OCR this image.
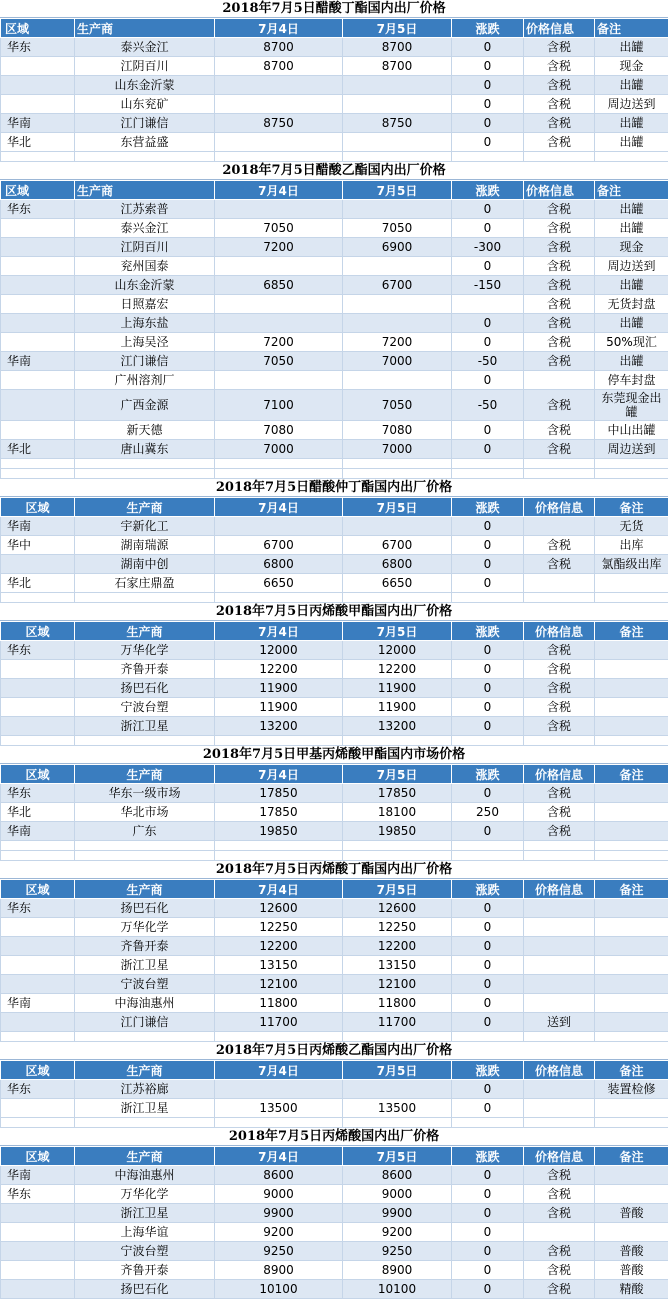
2018年7月5日醋酸丁酯国内出厂价格
区域	生产商	7月4日	7月5日	涨跌	价格信息	备注
华东	泰兴金江	8700	8700	0	含税	出罐
	江阴百川	8700	8700	0	含税	现金
	山东金沂蒙			0	含税	出罐
	山东兖矿			0	含税	周边送到
华南	江门谦信	8750	8750	0	含税	出罐
华北	东营益盛			0	含税	出罐

2018年7月5日醋酸乙酯国内出厂价格
区域	生产商	7月4日	7月5日	涨跌	价格信息	备注
华东	江苏索普			0	含税	出罐
	泰兴金江	7050	7050	0	含税	出罐
	江阴百川	7200	6900	-300	含税	现金
	兖州国泰			0	含税	周边送到
	山东金沂蒙	6850	6700	-150	含税	出罐
	日照嘉宏				含税	无货封盘
	上海东盐			0	含税	出罐
	上海吴泾	7200	7200	0	含税	50%现汇
华南	江门谦信	7050	7000	-50	含税	出罐
	广州溶剂厂			0		停车封盘
	广西金源	7100	7050	-50	含税	东莞现金出罐
	新天德	7080	7080	0	含税	中山出罐
华北	唐山冀东	7000	7000	0	含税	周边送到

2018年7月5日醋酸仲丁酯国内出厂价格
区域	生产商	7月4日	7月5日	涨跌	价格信息	备注
华南	宇新化工			0		无货
华中	湖南瑞源	6700	6700	0	含税	出库
	湖南中创	6800	6800	0	含税	氯酯级出库
华北	石家庄鼎盈	6650	6650	0		

2018年7月5日丙烯酸甲酯国内出厂价格
区域	生产商	7月4日	7月5日	涨跌	价格信息	备注
华东	万华化学	12000	12000	0	含税	
	齐鲁开泰	12200	12200	0	含税	
	扬巴石化	11900	11900	0	含税	
	宁波台塑	11900	11900	0	含税	
	浙江卫星	13200	13200	0	含税	

2018年7月5日甲基丙烯酸甲酯国内市场价格
区域	生产商	7月4日	7月5日	涨跌	价格信息	备注
华东	华东一级市场	17850	17850	0	含税	
华北	华北市场	17850	18100	250	含税	
华南	广东	19850	19850	0	含税	

2018年7月5日丙烯酸丁酯国内出厂价格
区域	生产商	7月4日	7月5日	涨跌	价格信息	备注
华东	扬巴石化	12600	12600	0		
	万华化学	12250	12250	0		
	齐鲁开泰	12200	12200	0		
	浙江卫星	13150	13150	0		
	宁波台塑	12100	12100	0		
华南	中海油惠州	11800	11800	0		
	江门谦信	11700	11700	0	送到	

2018年7月5日丙烯酸乙酯国内出厂价格
区域	生产商	7月4日	7月5日	涨跌	价格信息	备注
华东	江苏裕廊			0		装置检修
	浙江卫星	13500	13500	0		

2018年7月5日丙烯酸国内出厂价格
区域	生产商	7月4日	7月5日	涨跌	价格信息	备注
华南	中海油惠州	8600	8600	0	含税	
华东	万华化学	9000	9000	0	含税	
	浙江卫星	9900	9900	0	含税	普酸
	上海华谊	9200	9200	0		
	宁波台塑	9250	9250	0	含税	普酸
	齐鲁开泰	8900	8900	0	含税	普酸
	扬巴石化	10100	10100	0	含税	精酸
